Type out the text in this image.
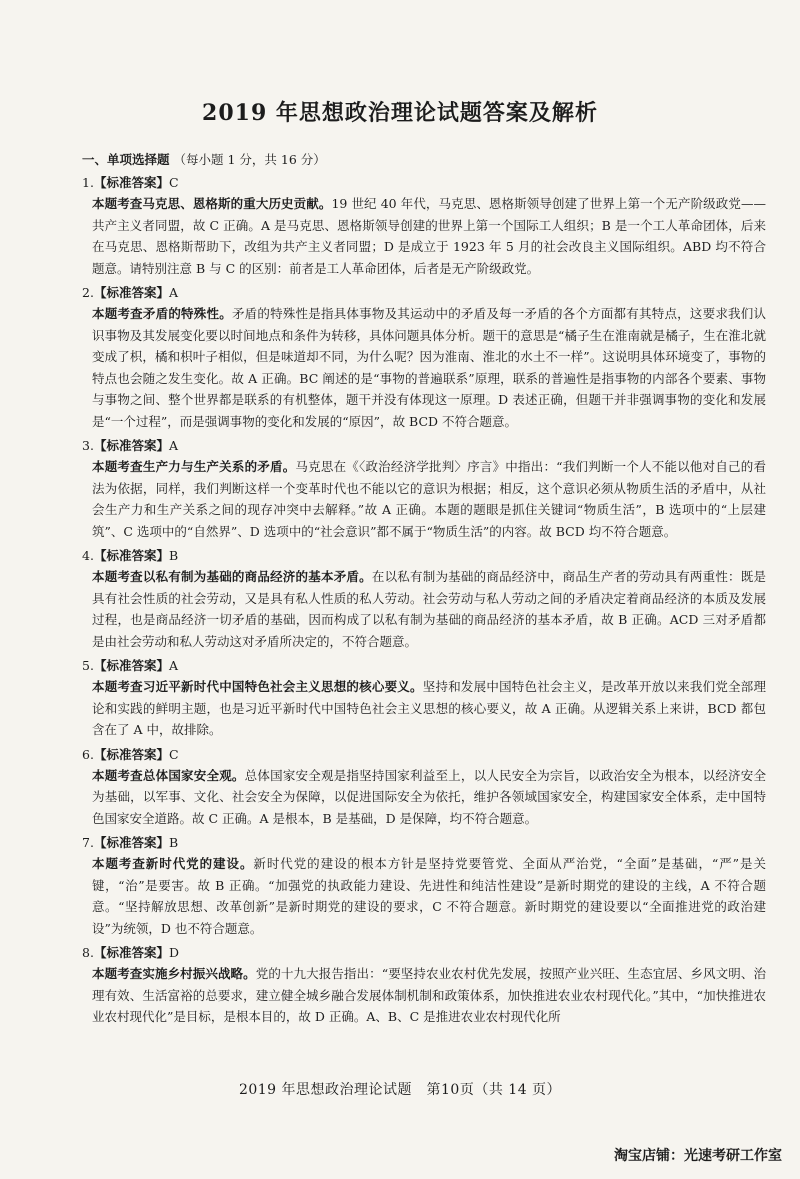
2019 年思想政治理论试题答案及解析
一、单项选择题 （每小题 1 分，共 16 分）
1.【标准答案】C
本题考查马克思、恩格斯的重大历史贡献。19 世纪 40 年代，马克思、恩格斯领导创建了世界上第一个无产阶级政党——共产主义者同盟，故 C 正确。A 是马克思、恩格斯领导创建的世界上第一个国际工人组织；B 是一个工人革命团体，后来在马克思、恩格斯帮助下，改组为共产主义者同盟；D 是成立于 1923 年 5 月的社会改良主义国际组织。ABD 均不符合题意。请特别注意 B 与 C 的区别：前者是工人革命团体，后者是无产阶级政党。
2.【标准答案】A
本题考查矛盾的特殊性。矛盾的特殊性是指具体事物及其运动中的矛盾及每一矛盾的各个方面都有其特点，这要求我们认识事物及其发展变化要以时间地点和条件为转移，具体问题具体分析。题干的意思是“橘子生在淮南就是橘子，生在淮北就变成了枳，橘和枳叶子相似，但是味道却不同，为什么呢？因为淮南、淮北的水土不一样”。这说明具体环境变了，事物的特点也会随之发生变化。故 A 正确。BC 阐述的是“事物的普遍联系”原理，联系的普遍性是指事物的内部各个要素、事物与事物之间、整个世界都是联系的有机整体，题干并没有体现这一原理。D 表述正确，但题干并非强调事物的变化和发展是“一个过程”，而是强调事物的变化和发展的“原因”，故 BCD 不符合题意。
3.【标准答案】A
本题考查生产力与生产关系的矛盾。马克思在《〈政治经济学批判〉序言》中指出：“我们判断一个人不能以他对自己的看法为依据，同样，我们判断这样一个变革时代也不能以它的意识为根据；相反，这个意识必须从物质生活的矛盾中，从社会生产力和生产关系之间的现存冲突中去解释。”故 A 正确。本题的题眼是抓住关键词“物质生活”，B 选项中的“上层建筑”、C 选项中的“自然界”、D 选项中的“社会意识”都不属于“物质生活”的内容。故 BCD 均不符合题意。
4.【标准答案】B
本题考查以私有制为基础的商品经济的基本矛盾。在以私有制为基础的商品经济中，商品生产者的劳动具有两重性：既是具有社会性质的社会劳动，又是具有私人性质的私人劳动。社会劳动与私人劳动之间的矛盾决定着商品经济的本质及发展过程，也是商品经济一切矛盾的基础，因而构成了以私有制为基础的商品经济的基本矛盾，故 B 正确。ACD 三对矛盾都是由社会劳动和私人劳动这对矛盾所决定的，不符合题意。
5.【标准答案】A
本题考查习近平新时代中国特色社会主义思想的核心要义。坚持和发展中国特色社会主义，是改革开放以来我们党全部理论和实践的鲜明主题，也是习近平新时代中国特色社会主义思想的核心要义，故 A 正确。从逻辑关系上来讲，BCD 都包含在了 A 中，故排除。
6.【标准答案】C
本题考查总体国家安全观。总体国家安全观是指坚持国家利益至上，以人民安全为宗旨，以政治安全为根本，以经济安全为基础，以军事、文化、社会安全为保障，以促进国际安全为依托，维护各领域国家安全，构建国家安全体系，走中国特色国家安全道路。故 C 正确。A 是根本，B 是基础，D 是保障，均不符合题意。
7.【标准答案】B
本题考查新时代党的建设。新时代党的建设的根本方针是坚持党要管党、全面从严治党，“全面”是基础，“严”是关键，“治”是要害。故 B 正确。“加强党的执政能力建设、先进性和纯洁性建设”是新时期党的建设的主线，A 不符合题意。“坚持解放思想、改革创新”是新时期党的建设的要求，C 不符合题意。新时期党的建设要以“全面推进党的政治建设”为统领，D 也不符合题意。
8.【标准答案】D
本题考查实施乡村振兴战略。党的十九大报告指出：“要坚持农业农村优先发展，按照产业兴旺、生态宜居、乡风文明、治理有效、生活富裕的总要求，建立健全城乡融合发展体制机制和政策体系，加快推进农业农村现代化。”其中，“加快推进农业农村现代化”是目标，是根本目的，故 D 正确。A、B、C 是推进农业农村现代化所
2019 年思想政治理论试题　第10页（共 14 页）
淘宝店铺：光速考研工作室
